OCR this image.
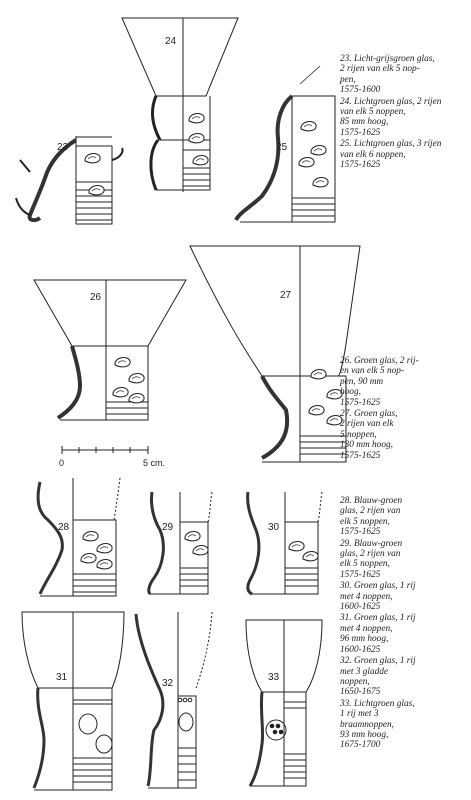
23
24
25
26	27
0	5 cm.
28	29	30
31
32
33
23. Licht-grijsgroen glas,
2 rijen van elk 5 nop-
pen,
1575-1600
24. Lichtgroen glas, 2 rijen
van elk 5 noppen,
85 mm hoog,
1575-1625
25. Lichtgroen glas, 3 rijen
van elk 6 noppen,
1575-1625
26. Groen glas, 2 rij-
en van elk 5 nop-
pen, 90 mm
hoog,
1575-1625
27. Groen glas,
2 rijen van elk
5 noppen,
130 mm hoog,
1575-1625
28. Blauw-groen
glas, 2 rijen van
elk 5 noppen,
1575-1625
29. Blauw-groen
glas, 2 rijen van
elk 5 noppen,
1575-1625
30. Groen glas, 1 rij
met 4 noppen,
1600-1625
31. Groen glas, 1 rij
met 4 noppen,
96 mm hoog,
1600-1625
32. Groen glas, 1 rij
met 3 gladde
noppen,
1650-1675
33. Lichtgroen glas,
1 rij met 3
braamnoppen,
93 mm hoog,
1675-1700
